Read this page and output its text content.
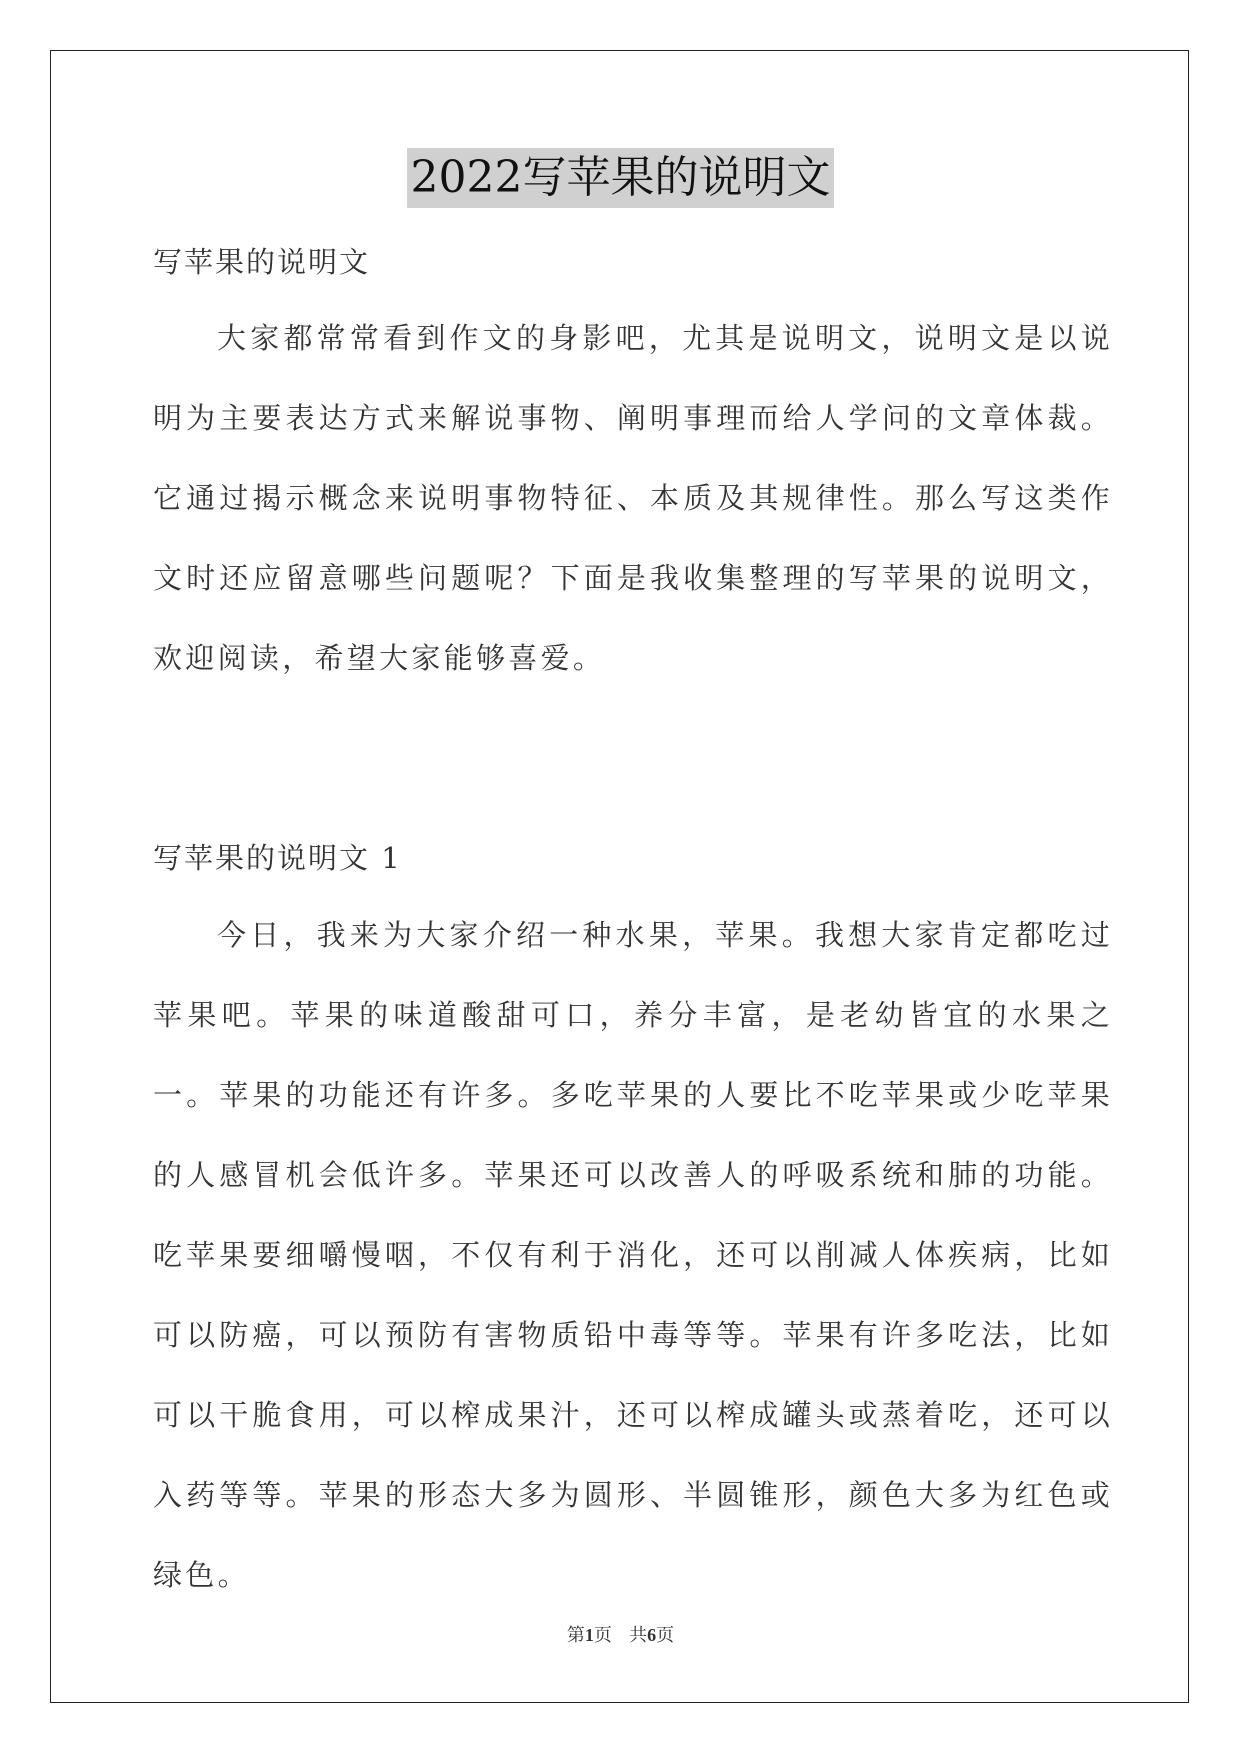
2022写苹果的说明文
写苹果的说明文

大家都常常看到作文的身影吧，尤其是说明文，说明文是以说明为主要表达方式来解说事物、阐明事理而给人学问的文章体裁。它通过揭示概念来说明事物特征、本质及其规律性。那么写这类作文时还应留意哪些问题呢？下面是我收集整理的写苹果的说明文，欢迎阅读，希望大家能够喜爱。

写苹果的说明文 1

今日，我来为大家介绍一种水果，苹果。我想大家肯定都吃过苹果吧。苹果的味道酸甜可口，养分丰富，是老幼皆宜的水果之一。苹果的功能还有许多。多吃苹果的人要比不吃苹果或少吃苹果的人感冒机会低许多。苹果还可以改善人的呼吸系统和肺的功能。吃苹果要细嚼慢咽，不仅有利于消化，还可以削减人体疾病，比如可以防癌，可以预防有害物质铅中毒等等。苹果有许多吃法，比如可以干脆食用，可以榨成果汁，还可以榨成罐头或蒸着吃，还可以入药等等。苹果的形态大多为圆形、半圆锥形，颜色大多为红色或绿色。

第1页 共6页
